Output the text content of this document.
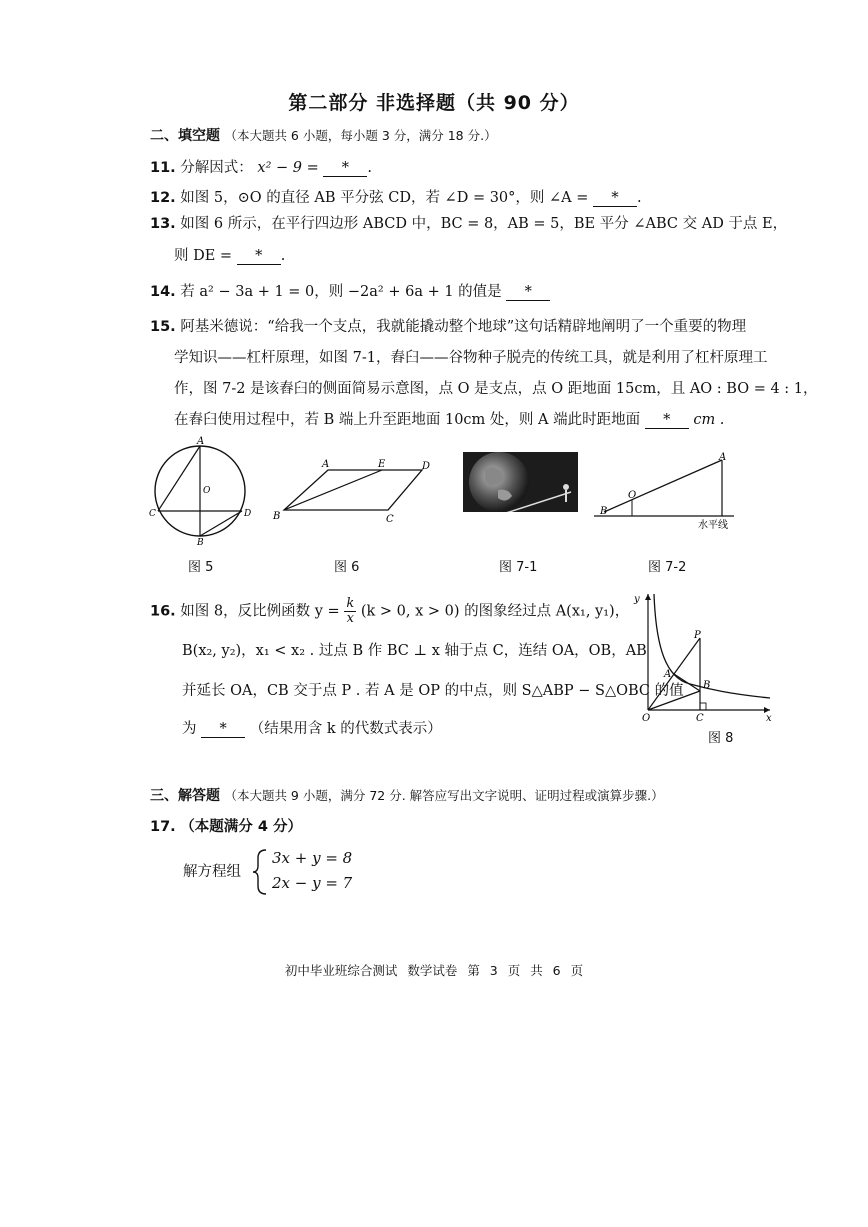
第二部分 非选择题（共 90 分）
二、填空题 （本大题共 6 小题，每小题 3 分，满分 18 分.）
11. 分解因式： x² − 9 = * .
12. 如图 5，⊙O 的直径 AB 平分弦 CD，若 ∠D = 30°，则 ∠A = * .
13. 如图 6 所示，在平行四边形 ABCD 中，BC = 8，AB = 5，BE 平分 ∠ABC 交 AD 于点 E，
则 DE = * .
14. 若 a² − 3a + 1 = 0，则 −2a² + 6a + 1 的值是 *
15. 阿基米德说：“给我一个支点，我就能撬动整个地球”这句话精辟地阐明了一个重要的物理
学知识——杠杆原理，如图 7-1，舂臼——谷物种子脱壳的传统工具，就是利用了杠杆原理工
作，图 7-2 是该舂臼的侧面简易示意图，点 O 是支点，点 O 距地面 15cm，且 AO : BO = 4 : 1，
在舂臼使用过程中，若 B 端上升至距地面 10cm 处，则 A 端此时距地面 * cm .
A
O
C	D
B
图 5
A	E	D
B	C
图 6	图 7-1
A
O
B
水平线
图 7-2
16. 如图 8，反比例函数 $y = \frac{k}{x} (k > 0$, x > 0) 的图象经过点 A(x₁, y₁)，
B(x₂, y₂)，x₁ < x₂ . 过点 B 作 BC ⊥ x 轴于点 C，连结 OA，OB，AB
并延长 OA，CB 交于点 P . 若 A 是 OP 的中点，则 S△ABP − S△OBC 的值
为 * （结果用含 k 的代数式表示）
y
P
A
B
O	C	x
图 8
三、解答题 （本大题共 9 小题，满分 72 分. 解答应写出文字说明、证明过程或演算步骤.）
17. （本题满分 4 分）
解方程组
3x + y = 8
2x − y = 7
初中毕业班综合测试 数学试卷 第 3 页 共 6 页
